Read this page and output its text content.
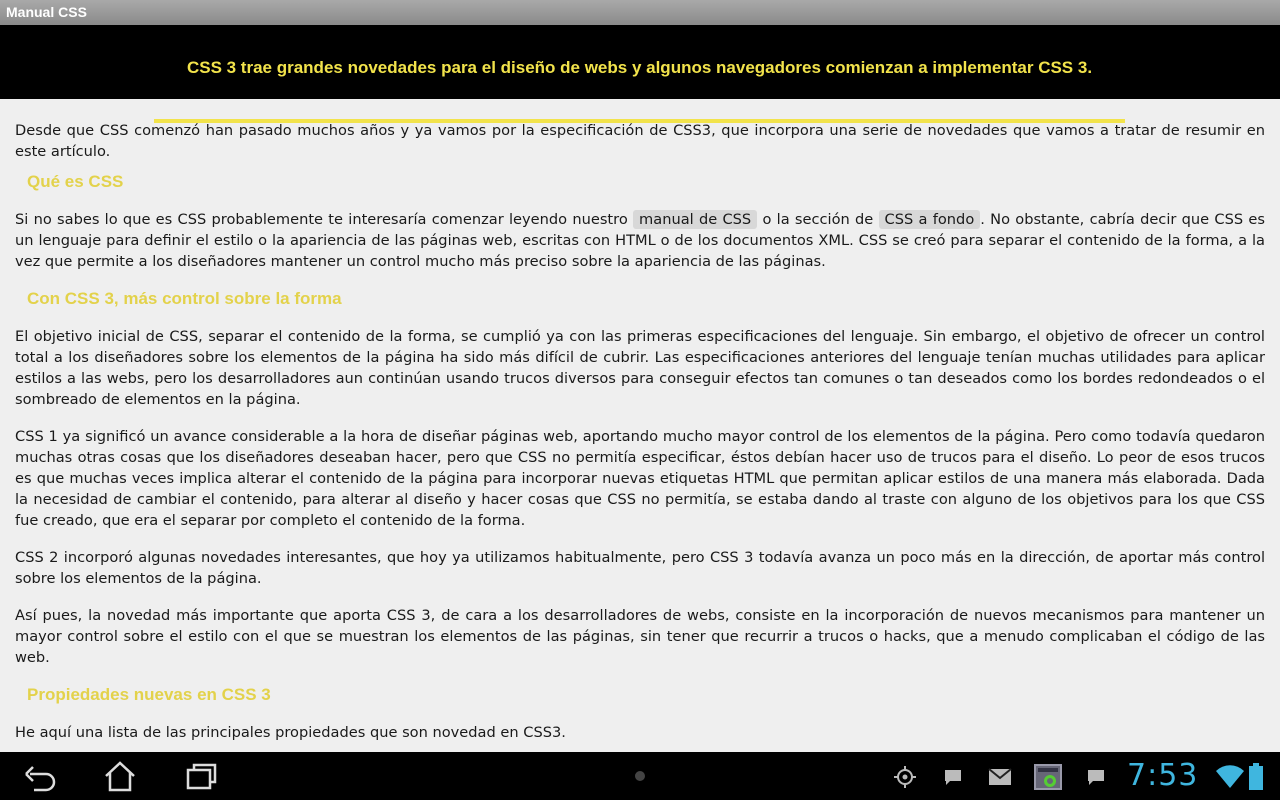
Manual CSS
CSS 3 trae grandes novedades para el diseño de webs y algunos navegadores comienzan a implementar CSS 3.

Desde que CSS comenzó han pasado muchos años y ya vamos por la especificación de CSS3, que incorpora una serie de novedades que vamos a tratar de resumir en este artículo.

Qué es CSS

Si no sabes lo que es CSS probablemente te interesaría comenzar leyendo nuestro manual de CSS o la sección de CSS a fondo . No obstante, cabría decir que CSS es un lenguaje para definir el estilo o la apariencia de las páginas web, escritas con HTML o de los documentos XML. CSS se creó para separar el contenido de la forma, a la vez que permite a los diseñadores mantener un control mucho más preciso sobre la apariencia de las páginas.

Con CSS 3, más control sobre la forma

El objetivo inicial de CSS, separar el contenido de la forma, se cumplió ya con las primeras especificaciones del lenguaje. Sin embargo, el objetivo de ofrecer un control total a los diseñadores sobre los elementos de la página ha sido más difícil de cubrir. Las especificaciones anteriores del lenguaje tenían muchas utilidades para aplicar estilos a las webs, pero los desarrolladores aun continúan usando trucos diversos para conseguir efectos tan comunes o tan deseados como los bordes redondeados o el sombreado de elementos en la página.

CSS 1 ya significó un avance considerable a la hora de diseñar páginas web, aportando mucho mayor control de los elementos de la página. Pero como todavía quedaron muchas otras cosas que los diseñadores deseaban hacer, pero que CSS no permitía especificar, éstos debían hacer uso de trucos para el diseño. Lo peor de esos trucos es que muchas veces implica alterar el contenido de la página para incorporar nuevas etiquetas HTML que permitan aplicar estilos de una manera más elaborada. Dada la necesidad de cambiar el contenido, para alterar al diseño y hacer cosas que CSS no permitía, se estaba dando al traste con alguno de los objetivos para los que CSS fue creado, que era el separar por completo el contenido de la forma.

CSS 2 incorporó algunas novedades interesantes, que hoy ya utilizamos habitualmente, pero CSS 3 todavía avanza un poco más en la dirección, de aportar más control sobre los elementos de la página.

Así pues, la novedad más importante que aporta CSS 3, de cara a los desarrolladores de webs, consiste en la incorporación de nuevos mecanismos para mantener un mayor control sobre el estilo con el que se muestran los elementos de las páginas, sin tener que recurrir a trucos o hacks, que a menudo complicaban el código de las web.

Propiedades nuevas en CSS 3

He aquí una lista de las principales propiedades que son novedad en CSS3.

7:53
